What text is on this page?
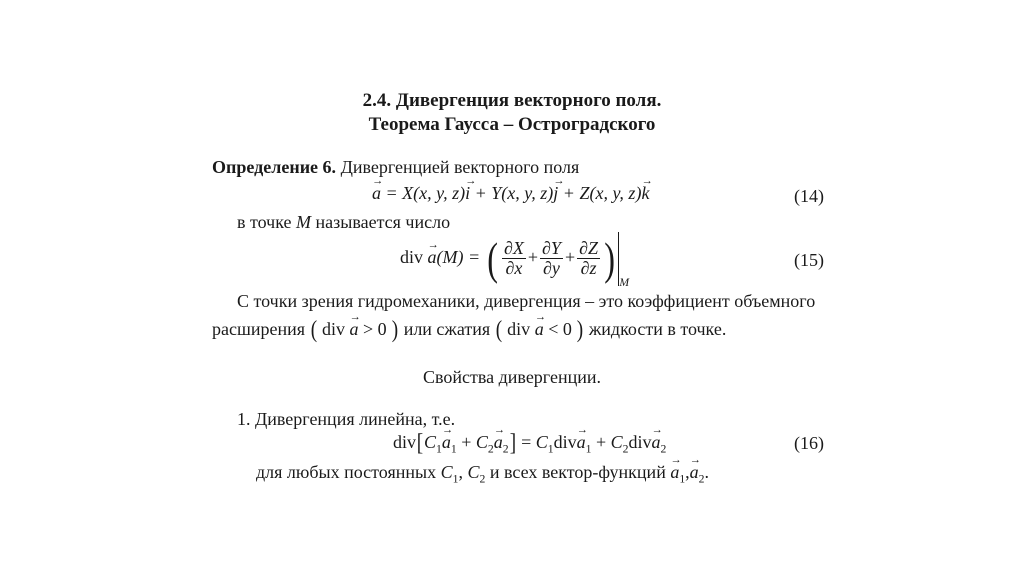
2.4. Дивергенция векторного поля.
Теорема Гаусса – Остроградского
Определение 6. Дивергенцией векторного поля
→ a = X(x, y, z)→ i + Y(x, y, z)→ j + Z(x, y, z)→ k	(14)
в точке M называется число
div → a(M) = ( $\frac{\partial X}{\partial x} + \frac{\partial Y}{\partial y} + \frac{\partial Z}{\partial z}$ ) $_M$
(15)
С точки зрения гидромеханики, дивергенция – это коэффициент объемного
расширения ( div → a > 0 ) или сжатия ( div → a < 0 ) жидкости в точке.
Свойства дивергенции.
1. Дивергенция линейна, т.е.
$div[C_1\to a_1 + C_2\to a_2] = C_1div\to a_1 + C_2div\to a_2$	(16)
для любых постоянных $C_1$, $C_2$ и всех вектор-функций → $a_1,\to a_2$.
